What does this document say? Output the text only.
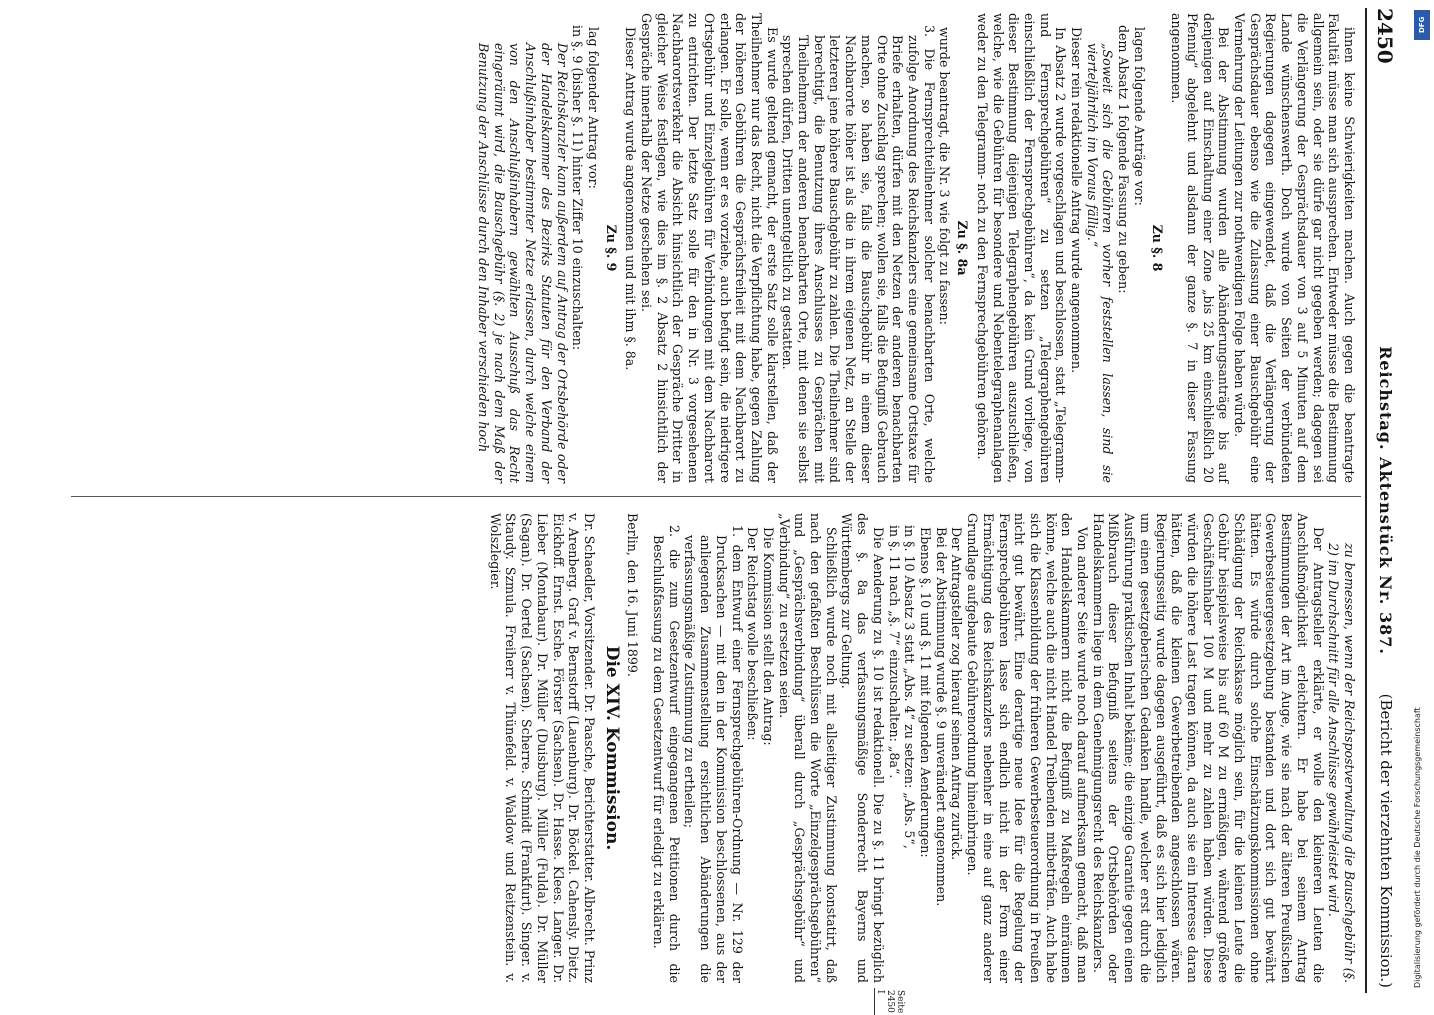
2450
Reichstag. Aktenstück Nr. 387.
(Bericht der vierzehnten Kommission.)

ihnen keine Schwierigkeiten machen. Auch gegen die beantragte Fakultät müsse man sich aussprechen. Entweder müsse die Bestimmung allgemein sein, oder sie dürfe gar nicht gegeben werden; dagegen sei die Verlängerung der Gesprächsdauer von 3 auf 5 Minuten auf dem Lande wünschenswerth. Doch wurde von Seiten der verbündeten Regierungen dagegen eingewendet, daß die Verlängerung der Gesprächsdauer ebenso wie die Zulassung einer Bauschgebühr eine Vermehrung der Leitungen zur nothwendigen Folge haben würde.

Bei der Abstimmung wurden alle Abänderungsanträge bis auf denjenigen auf Einschaltung einer Zone „bis 25 km einschließlich 20 Pfennig“ abgelehnt und alsdann der ganze §. 7 in dieser Fassung angenommen.

Zu §. 8

lagen folgende Anträge vor:

dem Absatz 1 folgende Fassung zu geben:

„Soweit sich die Gebühren vorher feststellen lassen, sind sie vierteljährlich im Voraus fällig.“

Dieser rein redaktionelle Antrag wurde angenommen.

In Absatz 2 wurde vorgeschlagen und beschlossen, statt „Telegramm- und Fernsprechgebühren“ zu setzen „Telegraphengebühren einschließlich der Fernsprechgebühren“, da kein Grund vorliege, von dieser Bestimmung diejenigen Telegraphengebühren auszuschließen, welche, wie die Gebühren für besondere und Nebentelegraphenanlagen weder zu den Telegramm- noch zu den Fernsprechgebühren gehören.

Zu §. 8a

wurde beantragt, die Nr. 3 wie folgt zu fassen:

3. Die Fernsprechteilnehmer solcher benachbarten Orte, welche zufolge Anordnung des Reichskanzlers eine gemeinsame Ortstaxe für Briefe erhalten, dürfen mit den Netzen der anderen benachbarten Orte ohne Zuschlag sprechen; wollen sie, falls die Befugniß Gebrauch machen, so haben sie, falls die Bauschgebühr in einem dieser Nachbarorte höher ist als die in ihrem eigenen Netz, an Stelle der letzteren jene höhere Bauschgebühr zu zahlen. Die Theilnehmer sind berechtigt, die Benutzung ihres Anschlusses zu Gesprächen mit Theilnehmern der anderen benachbarten Orte, mit denen sie selbst sprechen dürfen, Dritten unentgeltlich zu gestatten.

Es wurde geltend gemacht, der erste Satz solle klarstellen, daß der Theilnehmer nur das Recht, nicht die Verpflichtung habe, gegen Zahlung der höheren Gebühren die Gesprächsfreiheit mit dem Nachbarort zu erlangen. Er solle, wenn er es vorziehe, auch befugt sein, die niedrigere Ortsgebühr und Einzelgebühren für Verbindungen mit dem Nachbarort zu entrichten. Der letzte Satz solle für den in Nr. 3 vorgesehenen Nachbarortsverkehr die Absicht hinsichtlich der Gespräche Dritter in gleicher Weise festlegen, wie dies im §. 2 Absatz 2 hinsichtlich der Gespräche innerhalb der Netze geschehen sei.

Dieser Antrag wurde angenommen und mit ihm §. 8a.

Zu §. 9

lag folgender Antrag vor:

in §. 9 (bisher §. 11) hinter Ziffer 10 einzuschalten:

Der Reichskanzler kann außerdem auf Antrag der Ortsbehörde oder der Handelskammer des Bezirks Statuten für den Verband der Anschlußinhaber bestimmter Netze erlassen, durch welche einem von den Anschlußinhabern gewählten Ausschuß das Recht eingeräumt wird, die Bauschgebühr (§. 2) je nach dem Maß der Benutzung der Anschlüsse durch den Inhaber verschieden hoch

zu bemessen, wenn der Reichspostverwaltung die Bauschgebühr (§. 2) im Durchschnitt für alle Anschlüsse gewährleistet wird.

Der Antragsteller erklärte, er wolle den kleineren Leuten die Anschlußmöglichkeit erleichtern. Er habe bei seinem Antrag Bestimmungen der Art im Auge, wie sie nach der älteren Preußischen Gewerbesteuergesetzgebung bestanden und dort sich gut bewährt hätten. Es würde durch solche Einschätzungskommissionen ohne Schädigung der Reichskasse möglich sein, für die kleinen Leute die Gebühr beispielsweise bis auf 60 M zu ermäßigen, während größere Geschäftsinhaber 100 M und mehr zu zahlen haben würden. Diese würden die höhere Last tragen können, da auch sie ein Interesse daran hätten, daß die kleinen Gewerbetreibenden angeschlossen wären. Regierungsseitig wurde dagegen ausgeführt, daß es sich hier lediglich um einen gesetzgeberischen Gedanken handle, welcher erst durch die Ausführung praktischen Inhalt bekäme; die einzige Garantie gegen einen Mißbrauch dieser Befugniß seitens der Ortsbehörden oder Handelskammern liege in dem Genehmigungsrecht des Reichskanzlers.

Von anderer Seite wurde noch darauf aufmerksam gemacht, daß man den Handelskammern nicht die Befugniß zu Maßregeln einräumen könne, welche auch die nicht Handel Treibenden mitbeträfen. Auch habe sich die Klassenbildung der früheren Gewerbesteuerordnung in Preußen nicht gut bewährt. Eine derartige neue Idee für die Regelung der Fernsprechgebühren lasse sich endlich nicht in der Form einer Ermächtigung des Reichskanzlers nebenher in eine auf ganz anderer Grundlage aufgebaute Gebührenordnung hineinbringen.

Der Antragsteller zog hierauf seinen Antrag zurück.

Bei der Abstimmung wurde §. 9 unverändert angenommen.

Ebenso §. 10 und §. 11 mit folgenden Aenderungen:

in §. 10 Absatz 3 statt „Abs. 4“ zu setzen: „Abs. 5“,

in §. 11 nach „§. 7“ einzuschalten: „8a“.

Die Aenderung zu §. 10 ist redaktionell. Die zu §. 11 bringt bezüglich des §. 8a das verfassungsmäßige Sonderrecht Bayerns und Württembergs zur Geltung.

Schließlich wurde noch mit allseitiger Zustimmung konstatirt, daß nach den gefaßten Beschlüssen die Worte „Einzelgesprächsgebühren“ und „Gesprächsverbindung“ überall durch „Gesprächsgebühr“ und „Verbindung“ zu ersetzen seien.

Die Kommission stellt den Antrag:

Der Reichstag wolle beschließen:

1. dem Entwurf einer Fernsprechgebühren-Ordnung — Nr. 129 der Drucksachen — mit den in der Kommission beschlossenen, aus der anliegenden Zusammenstellung ersichtlichen Abänderungen die verfassungsmäßige Zustimmung zu ertheilen;

2. die zum Gesetzentwurf eingegangenen Petitionen durch die Beschlußfassung zu dem Gesetzentwurf für erledigt zu erklären.

Berlin, den 16. Juni 1899.

Die XIV. Kommission.

Dr. Schaedler, Vorsitzender. Dr. Paasche, Berichterstatter. Albrecht. Prinz v. Arenberg. Graf v. Bernstorff (Lauenburg). Dr. Böckel. Cahensly. Dietz. Eickhoff. Ernst. Esche. Förster (Sachsen). Dr. Hasse. Klees. Langer. Dr. Lieber (Montabaur). Dr. Müller (Duisburg). Müller (Fulda). Dr. Müller (Sagan). Dr. Oertel (Sachsen). Scherre. Schmidt (Frankfurt). Singer. v. Staudy. Szmula. Freiherr v. Thünefeld. v. Waldow und Reitzenstein. v. Wolszlegier.

Seite 2450 I
DFG
Digitalisierung gefördert durch die Deutsche Forschungsgemeinschaft
